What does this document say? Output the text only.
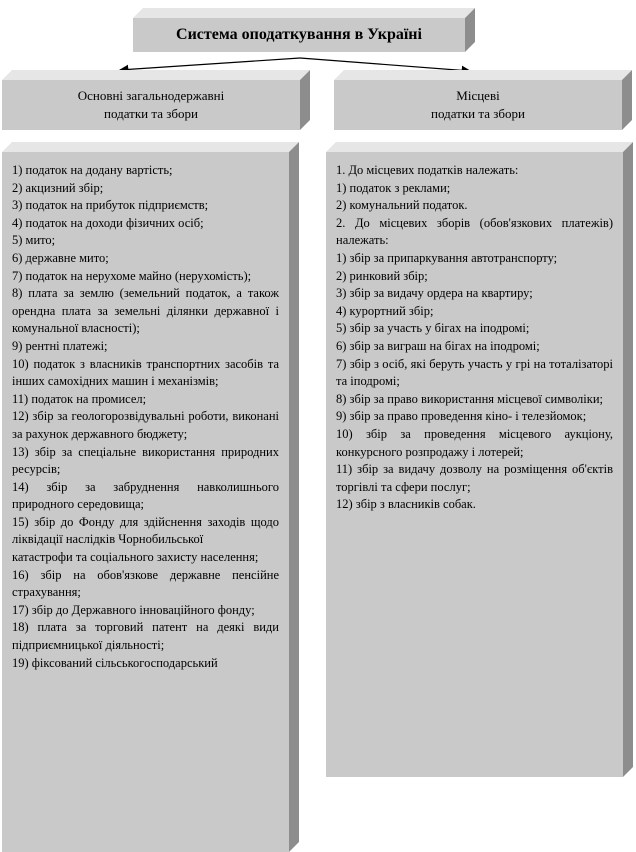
Система оподаткування в Україні
Основні загальнодержавні
податки та збори
Місцеві
податки та збори

1) податок на додану вартість;

2) акцизний збір;

3) податок на прибуток підприємств;

4) податок на доходи фізичних осіб;

5) мито;

6) державне мито;

7) податок на нерухоме майно (нерухомість);

8) плата за землю (земельний податок, а також орендна плата за земельні ділянки державної і комунальної власності);

9) рентні платежі;

10) податок з власників транспортних засобів та інших самохідних машин і механізмів;

11) податок на промисел;

12) збір за геологорозвідувальні роботи, виконані за рахунок державного бюджету;

13) збір за спеціальне використання природних ресурсів;

14) збір за забруднення навколишнього природного середовища;

15) збір до Фонду для здійснення заходів щодо ліквідації наслідків Чорнобильської

катастрофи та соціального захисту населення;

16) збір на обов'язкове державне пенсійне страхування;

17) збір до Державного інноваційного фонду;

18) плата за торговий патент на деякі види підприємницької діяльності;

19) фіксований сільськогосподарський

1. До місцевих податків належать:

1) податок з реклами;

2) комунальний податок.

2. До місцевих зборів (обов'язкових платежів) належать:

1) збір за припаркування автотранспорту;

2) ринковий збір;

3) збір за видачу ордера на квартиру;

4) курортний збір;

5) збір за участь у бігах на іподромі;

6) збір за виграш на бігах на іподромі;

7) збір з осіб, які беруть участь у грі на тоталізаторі та іподромі;

8) збір за право використання місцевої символіки;

9) збір за право проведення кіно- і телезйомок;

10) збір за проведення місцевого аукціону, конкурсного розпродажу і лотерей;

11) збір за видачу дозволу на розміщення об'єктів торгівлі та сфери послуг;

12) збір з власників собак.
